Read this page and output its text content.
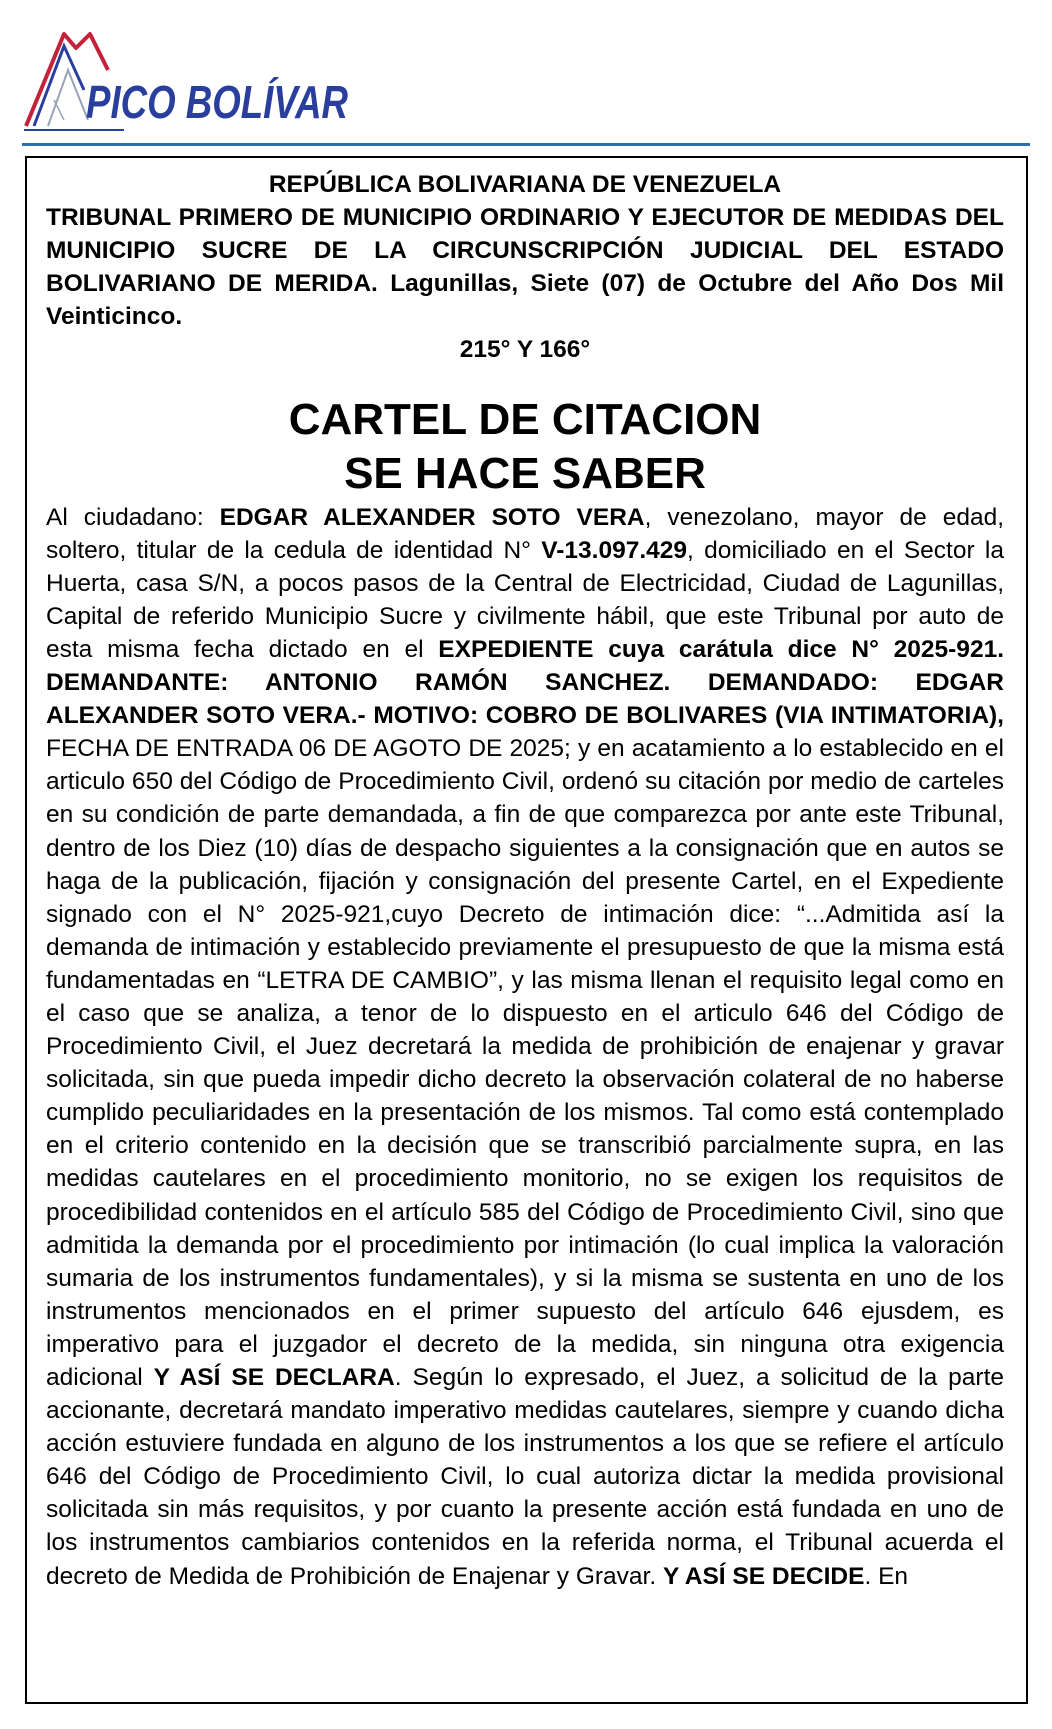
PICO BOLÍVAR
REPÚBLICA BOLIVARIANA DE VENEZUELA
TRIBUNAL PRIMERO DE MUNICIPIO ORDINARIO Y EJECUTOR DE MEDIDAS DEL MUNICIPIO SUCRE DE LA CIRCUNSCRIPCIÓN JUDICIAL DEL ESTADO BOLIVARIANO DE MERIDA. Lagunillas, Siete (07) de Octubre del Año Dos Mil Veinticinco.
215° Y 166°
CARTEL DE CITACION
SE HACE SABER
Al ciudadano: EDGAR ALEXANDER SOTO VERA, venezolano, mayor de edad, soltero, titular de la cedula de identidad N° V-13.097.429, domiciliado en el Sector la Huerta, casa S/N, a pocos pasos de la Central de Electricidad, Ciudad de Lagunillas, Capital de referido Municipio Sucre y civilmente hábil, que este Tribunal por auto de esta misma fecha dictado en el EXPEDIENTE cuya carátula dice N° 2025-921. DEMANDANTE: ANTONIO RAMÓN SANCHEZ. DEMANDADO: EDGAR ALEXANDER SOTO VERA.- MOTIVO: COBRO DE BOLIVARES (VIA INTIMATORIA), FECHA DE ENTRADA 06 DE AGOTO DE 2025; y en acatamiento a lo establecido en el articulo 650 del Código de Procedimiento Civil, ordenó su citación por medio de carteles en su condición de parte demandada, a fin de que comparezca por ante este Tribunal, dentro de los Diez (10) días de despacho siguientes a la consignación que en autos se haga de la publicación, fijación y consignación del presente Cartel, en el Expediente signado con el N° 2025-921,cuyo Decreto de intimación dice: “...Admitida así la demanda de intimación y establecido previamente el presupuesto de que la misma está fundamentadas en “LETRA DE CAMBIO”, y las misma llenan el requisito legal como en el caso que se analiza, a tenor de lo dispuesto en el articulo 646 del Código de Procedimiento Civil, el Juez decretará la medida de prohibición de enajenar y gravar solicitada, sin que pueda impedir dicho decreto la observación colateral de no haberse cumplido peculiaridades en la presentación de los mismos. Tal como está contemplado en el criterio contenido en la decisión que se transcribió parcialmente supra, en las medidas cautelares en el procedimiento monitorio, no se exigen los requisitos de procedibilidad contenidos en el artículo 585 del Código de Procedimiento Civil, sino que admitida la demanda por el procedimiento por intimación (lo cual implica la valoración sumaria de los instrumentos fundamentales), y si la misma se sustenta en uno de los instrumentos mencionados en el primer supuesto del artículo 646 ejusdem, es imperativo para el juzgador el decreto de la medida, sin ninguna otra exigencia adicional Y ASÍ SE DECLARA. Según lo expresado, el Juez, a solicitud de la parte accionante, decretará mandato imperativo medidas cautelares, siempre y cuando dicha acción estuviere fundada en alguno de los instrumentos a los que se refiere el artículo 646 del Código de Procedimiento Civil, lo cual autoriza dictar la medida provisional solicitada sin más requisitos, y por cuanto la presente acción está fundada en uno de los instrumentos cambiarios contenidos en la referida norma, el Tribunal acuerda el decreto de Medida de Prohibición de Enajenar y Gravar. Y ASÍ SE DECIDE. En
